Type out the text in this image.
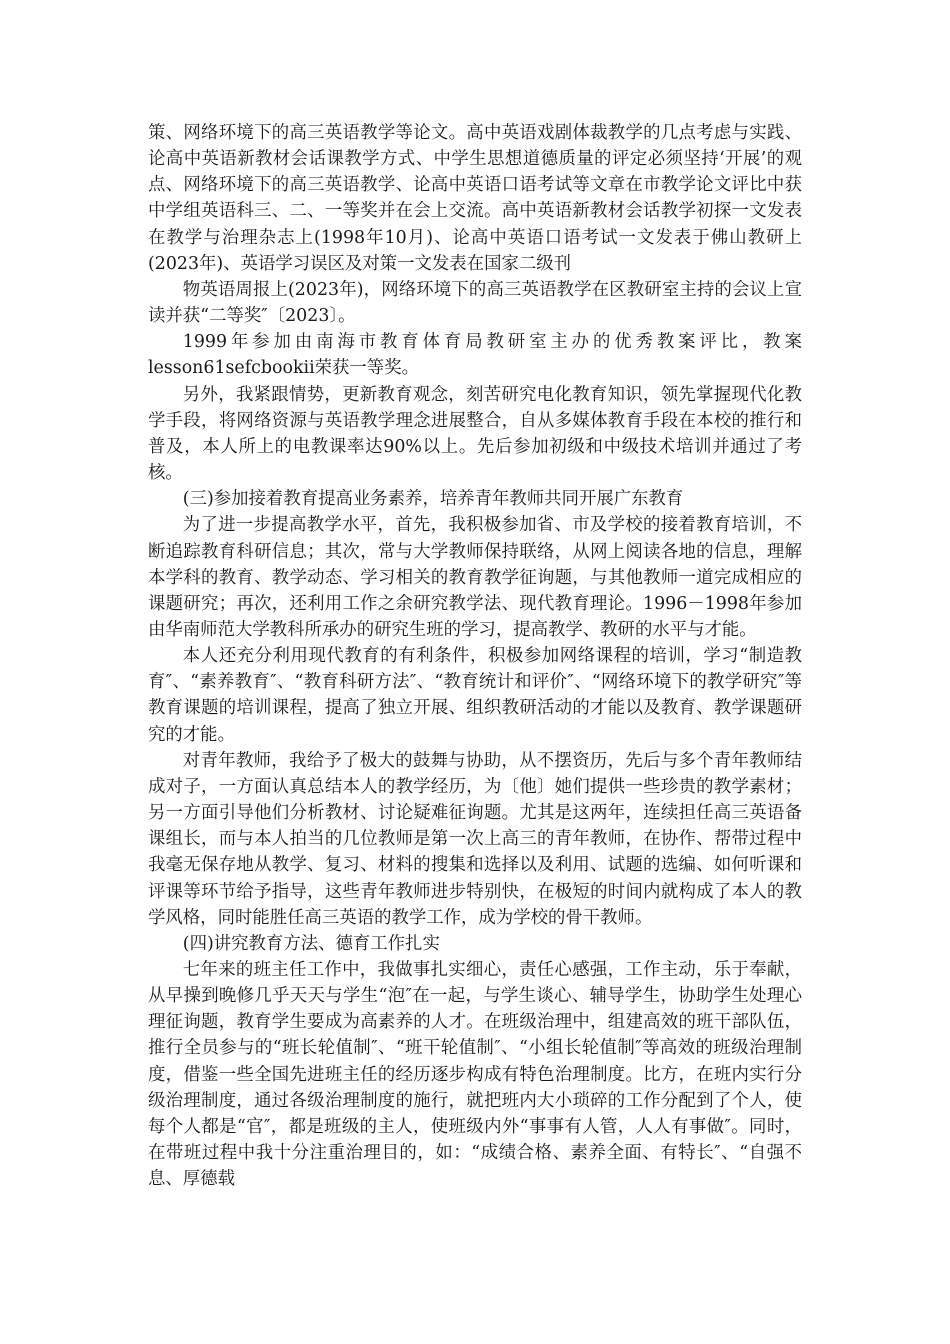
策、网络环境下的高三英语教学等论文。高中英语戏剧体裁教学的几点考虑与实践、论高中英语新教材会话课教学方式、中学生思想道德质量的评定必须坚持‘开展’的观点、网络环境下的高三英语教学、论高中英语口语考试等文章在市教学论文评比中获中学组英语科三、二、一等奖并在会上交流。高中英语新教材会话教学初探一文发表在教学与治理杂志上(1998年10月)、论高中英语口语考试一文发表于佛山教研上(2023年)、英语学习误区及对策一文发表在国家二级刊

物英语周报上(2023年)，网络环境下的高三英语教学在区教研室主持的会议上宣读并获“二等奖″〔2023〕。

1999年参加由南海市教育体育局教研室主办的优秀教案评比，教案lesson61sefcbookii荣获一等奖。

另外，我紧跟情势，更新教育观念，刻苦研究电化教育知识，领先掌握现代化教学手段，将网络资源与英语教学理念进展整合，自从多媒体教育手段在本校的推行和普及，本人所上的电教课率达90%以上。先后参加初级和中级技术培训并通过了考核。

(三)参加接着教育提高业务素养，培养青年教师共同开展广东教育

为了进一步提高教学水平，首先，我积极参加省、市及学校的接着教育培训，不断追踪教育科研信息；其次，常与大学教师保持联络，从网上阅读各地的信息，理解本学科的教育、教学动态、学习相关的教育教学征询题，与其他教师一道完成相应的课题研究；再次，还利用工作之余研究教学法、现代教育理论。1996－1998年参加由华南师范大学教科所承办的研究生班的学习，提高教学、教研的水平与才能。

本人还充分利用现代教育的有利条件，积极参加网络课程的培训，学习“制造教育″、“素养教育″、“教育科研方法″、“教育统计和评价″、“网络环境下的教学研究″等教育课题的培训课程，提高了独立开展、组织教研活动的才能以及教育、教学课题研究的才能。

对青年教师，我给予了极大的鼓舞与协助，从不摆资历，先后与多个青年教师结成对子，一方面认真总结本人的教学经历，为〔他〕她们提供一些珍贵的教学素材；另一方面引导他们分析教材、讨论疑难征询题。尤其是这两年，连续担任高三英语备课组长，而与本人拍当的几位教师是第一次上高三的青年教师，在协作、帮带过程中我毫无保存地从教学、复习、材料的搜集和选择以及利用、试题的选编、如何听课和评课等环节给予指导，这些青年教师进步特别快，在极短的时间内就构成了本人的教学风格，同时能胜任高三英语的教学工作，成为学校的骨干教师。

(四)讲究教育方法、德育工作扎实

七年来的班主任工作中，我做事扎实细心，责任心感强，工作主动，乐于奉献，从早操到晚修几乎天天与学生“泡″在一起，与学生谈心、辅导学生，协助学生处理心理征询题，教育学生要成为高素养的人才。在班级治理中，组建高效的班干部队伍，推行全员参与的“班长轮值制″、“班干轮值制″、“小组长轮值制″等高效的班级治理制度，借鉴一些全国先进班主任的经历逐步构成有特色治理制度。比方，在班内实行分级治理制度，通过各级治理制度的施行，就把班内大小琐碎的工作分配到了个人，使每个人都是“官″，都是班级的主人，使班级内外“事事有人管，人人有事做″。同时，在带班过程中我十分注重治理目的，如：“成绩合格、素养全面、有特长″、“自强不息、厚德载
